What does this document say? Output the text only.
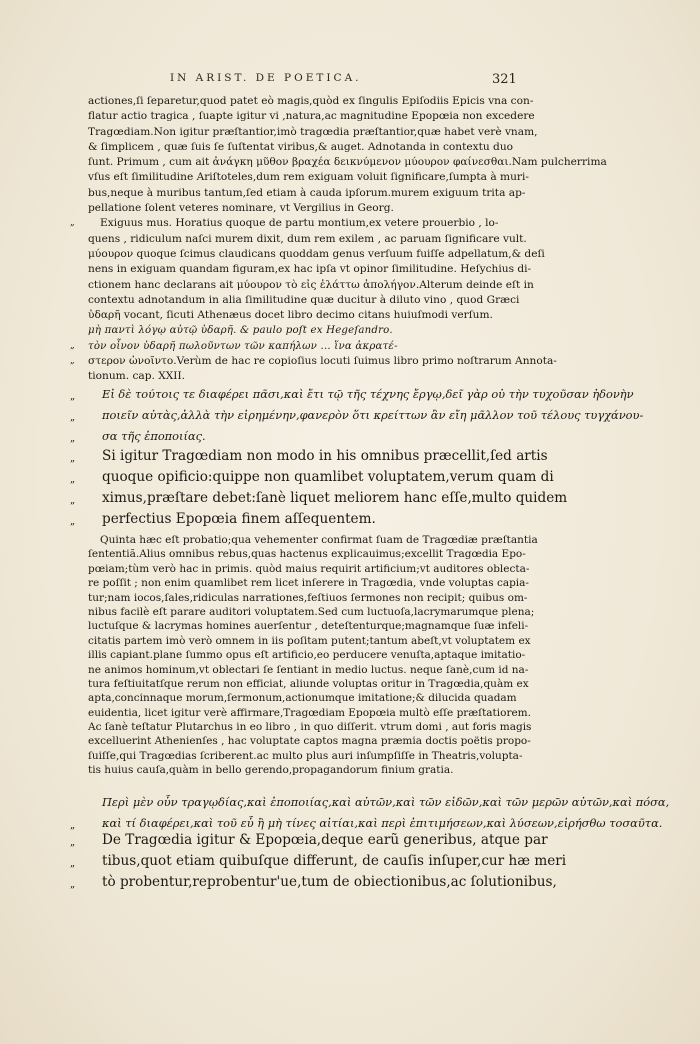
IN ARIST. DE POETICA.	321
actiones,ſi ſeparetur,quod patet eò magis,quòd ex ſingulis Epiſodiis Epicis vna con-
flatur actio tragica , ſuapte igitur vi ,natura,ac magnitudine Epopœia non excedere
Tragœdiam.Non igitur præſtantior,imò tragœdia præſtantior,quæ habet verè vnam,
& ſimplicem , quæ ſuis ſe ſuſtentat viribus,& auget. Adnotanda in contextu duo
ſunt. Primum , cum ait ἀνάγκη μῦθον βραχέα δεικνύμενον μύουρον φαίνεσθαι.Nam pulcherrima
vſus eſt ſimilitudine Ariſtoteles,dum rem exiguam voluit ſignificare,ſumpta à muri-
bus,neque à muribus tantum,ſed etiam à cauda ipſorum.murem exiguum trita ap-
pellatione ſolent veteres nominare, vt Vergilius in Georg.
„ Exiguus mus. Horatius quoque de partu montium,ex vetere prouerbio , lo-
quens , ridiculum naſci murem dixit, dum rem exilem , ac paruam ſignificare vult.
μύουρον quoque ſcimus claudicans quoddam genus verſuum fuiſſe adpellatum,& deſi
nens in exiguam quandam figuram,ex hac ipſa vt opinor ſimilitudine. Heſychius di-
ctionem hanc declarans ait μύουρον τὸ εἰς ἐλάττω ἀπολήγον.Alterum deinde eſt in
contextu adnotandum in alia ſimilitudine quæ ducitur à diluto vino , quod Græci
ὑδαρῆ vocant, ſicuti Athenæus docet libro decimo citans huiuſmodi verſum.
μὴ παντὶ λόγῳ αὐτῷ ὑδαρῆ. & paulo poſt ex Hegeſandro.
„ τὸν οἶνον ὑδαρῆ πωλοῦντων τῶν καπήλων ... ἵνα ἀκρατέ-
„ στερον ὠνοῖντο.Verùm de hac re copioſius locuti ſuimus libro primo noſtrarum Annota-
tionum. cap. XXII.
„ Εἰ δὲ τούτοις τε διαφέρει πᾶσι,καὶ ἔτι τῷ τῆς τέχνης ἔργῳ,δεῖ γὰρ οὐ τὴν τυχοῦσαν ἡδονὴν
„ ποιεῖν αὐτὰς,ἀλλὰ τὴν εἰρημένην,φανερὸν ὅτι κρείττων ἂν εἴη μᾶλλον τοῦ τέλους τυγχάνου-
„ σα τῆς ἐποποιίας.
„ Si igitur Tragœdiam non modo in his omnibus præcellit,ſed artis
„ quoque opificio:quippe non quamlibet voluptatem,verum quam di
„ ximus,præſtare debet:ſanè liquet meliorem hanc eſſe,multo quidem
„ perfectius Epopœia finem aſſequentem.
Quinta hæc eſt probatio;qua vehementer confirmat ſuam de Tragœdiæ præſtantia
ſententiã.Alius omnibus rebus,quas hactenus explicauimus;excellit Tragœdia Epo-
pœiam;tùm verò hac in primis. quòd maius requirit artificium;vt auditores oblecta-
re poſſit ; non enim quamlibet rem licet inſerere in Tragœdia, vnde voluptas capia-
tur;nam iocos,ſales,ridiculas narrationes,feſtiuos ſermones non recipit; quibus om-
nibus facilè eſt parare auditori voluptatem.Sed cum luctuoſa,lacrymarumque plena;
luctuſque & lacrymas homines auerſentur , deteſtenturque;magnamque ſuæ infeli-
citatis partem imò verò omnem in iis poſitam putent;tantum abeſt,vt voluptatem ex
illis capiant.plane ſummo opus eſt artificio,eo perducere venuſta,aptaque imitatio-
ne animos hominum,vt oblectari ſe ſentiant in medio luctus. neque ſanè,cum id na-
tura feſtiuitatſque rerum non efficiat, aliunde voluptas oritur in Tragœdia,quàm ex
apta,concinnaque morum,ſermonum,actionumque imitatione;& dilucida quadam
euidentia, licet igitur verè affirmare,Tragœdiam Epopœia multò eſſe præſtatiorem.
Ac ſanè teſtatur Plutarchus in eo libro , in quo diſſerit. vtrum domi , aut foris magis
excelluerint Athenienſes , hac voluptate captos magna præmia doctis poëtis propo-
ſuiſſe,qui Tragœdias ſcriberent.ac multo plus auri inſumpſiſſe in Theatris,volupta-
tis huius cauſa,quàm in bello gerendo,propagandorum finium gratia.
Περὶ μὲν οὖν τραγῳδίας,καὶ ἐποποιίας,καὶ αὐτῶν,καὶ τῶν εἰδῶν,καὶ τῶν μερῶν αὐτῶν,καὶ πόσα,
„ καὶ τί διαφέρει,καὶ τοῦ εὖ ἢ μὴ τίνες αἰτίαι,καὶ περὶ ἐπιτιμήσεων,καὶ λύσεων,εἰρήσθω τοσαῦτα.
„ De Tragœdia igitur & Epopœia,deque earũ generibus, atque par
„ tibus,quot etiam quibuſque differunt, de cauſis inſuper,cur hæ meri
„ tò probentur,reprobentur'ue,tum de obiectionibus,ac ſolutionibus,
